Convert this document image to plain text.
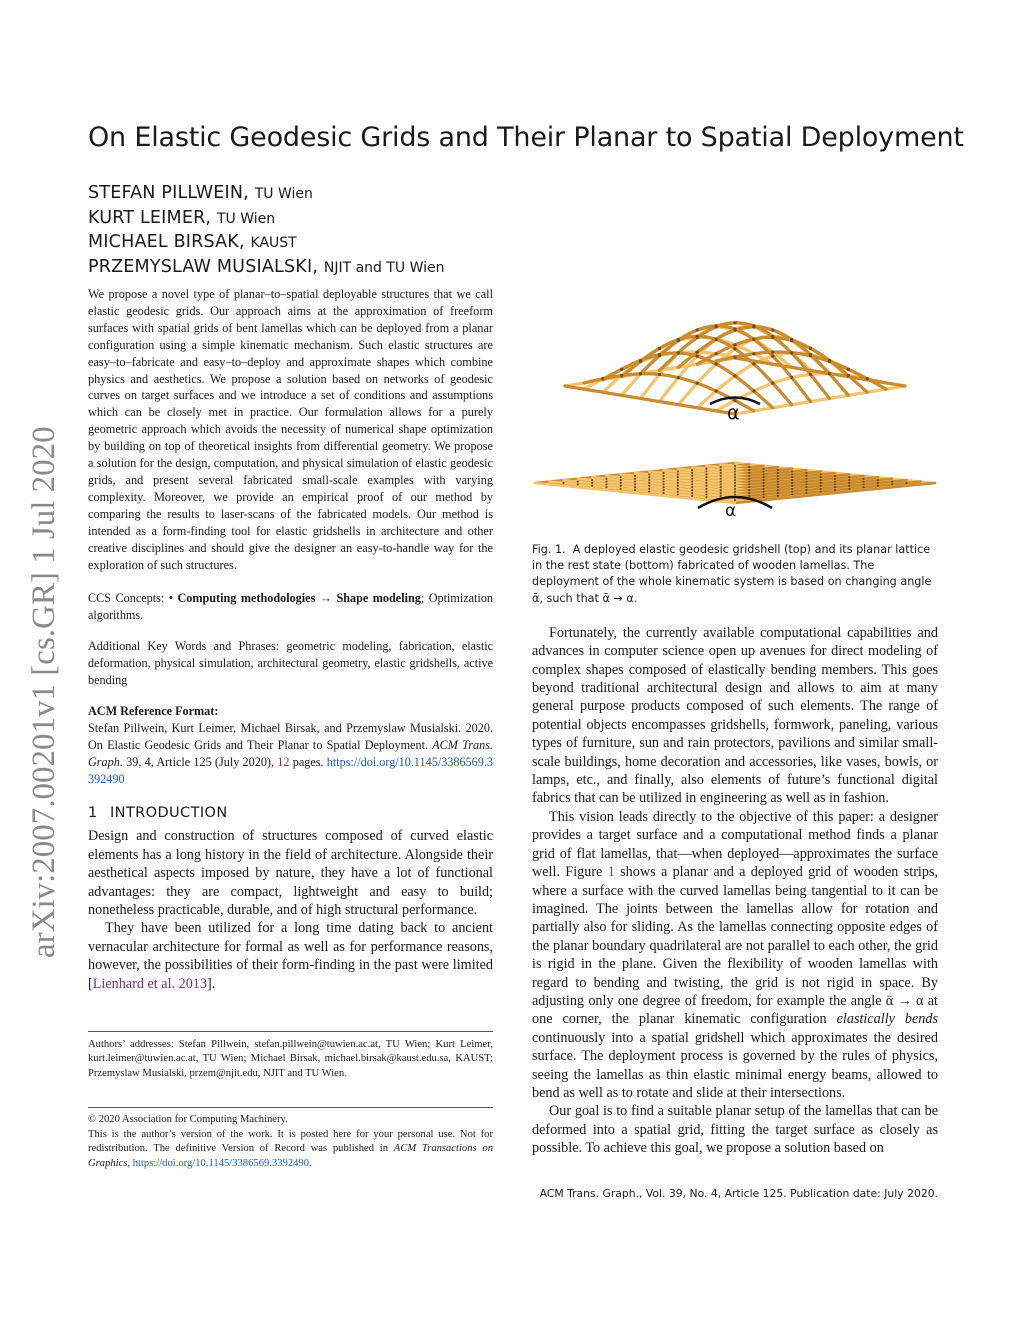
arXiv:2007.00201v1 [cs.GR] 1 Jul 2020
On Elastic Geodesic Grids and Their Planar to Spatial Deployment
STEFAN PILLWEIN, TU Wien
KURT LEIMER, TU Wien
MICHAEL BIRSAK, KAUST
PRZEMYSLAW MUSIALSKI, NJIT and TU Wien

We propose a novel type of planar–to–spatial deployable structures that we call elastic geodesic grids. Our approach aims at the approximation of freeform surfaces with spatial grids of bent lamellas which can be deployed from a planar configuration using a simple kinematic mechanism. Such elastic structures are easy–to–fabricate and easy–to–deploy and approximate shapes which combine physics and aesthetics. We propose a solution based on networks of geodesic curves on target surfaces and we introduce a set of conditions and assumptions which can be closely met in practice. Our formulation allows for a purely geometric approach which avoids the necessity of numerical shape optimization by building on top of theoretical insights from differential geometry. We propose a solution for the design, computation, and physical simulation of elastic geodesic grids, and present several fabricated small-scale examples with varying complexity. Moreover, we provide an empirical proof of our method by comparing the results to laser-scans of the fabricated models. Our method is intended as a form-finding tool for elastic gridshells in architecture and other creative disciplines and should give the designer an easy-to-handle way for the exploration of such structures.

CCS Concepts: • Computing methodologies → Shape modeling; Optimization algorithms.

Additional Key Words and Phrases: geometric modeling, fabrication, elastic deformation, physical simulation, architectural geometry, elastic gridshells, active bending

ACM Reference Format:
Stefan Pillwein, Kurt Leimer, Michael Birsak, and Przemyslaw Musialski. 2020. On Elastic Geodesic Grids and Their Planar to Spatial Deployment. ACM Trans. Graph. 39, 4, Article 125 (July 2020), 12 pages. https://doi.org/10.1145/3386569.3392490

1 INTRODUCTION

Design and construction of structures composed of curved elastic elements has a long history in the field of architecture. Alongside their aesthetical aspects imposed by nature, they have a lot of functional advantages: they are compact, lightweight and easy to build; nonetheless practicable, durable, and of high structural performance.

They have been utilized for a long time dating back to ancient vernacular architecture for formal as well as for performance reasons, however, the possibilities of their form-finding in the past were limited [Lienhard et al. 2013].

Authors’ addresses: Stefan Pillwein, stefan.pillwein@tuwien.ac.at, TU Wien; Kurt Leimer, kurt.leimer@tuwien.ac.at, TU Wien; Michael Birsak, michael.birsak@kaust.edu.sa, KAUST; Przemyslaw Musialski, przem@njit.edu, NJIT and TU Wien.

© 2020 Association for Computing Machinery.
This is the author’s version of the work. It is posted here for your personal use. Not for redistribution. The definitive Version of Record was published in ACM Transactions on Graphics, https://doi.org/10.1145/3386569.3392490.

α
α

Fig. 1. A deployed elastic geodesic gridshell (top) and its planar lattice in the rest state (bottom) fabricated of wooden lamellas. The deployment of the whole kinematic system is based on changing angle ᾱ, such that ᾱ → α.

Fortunately, the currently available computational capabilities and advances in computer science open up avenues for direct modeling of complex shapes composed of elastically bending members. This goes beyond traditional architectural design and allows to aim at many general purpose products composed of such elements. The range of potential objects encompasses gridshells, formwork, paneling, various types of furniture, sun and rain protectors, pavilions and similar small-scale buildings, home decoration and accessories, like vases, bowls, or lamps, etc., and finally, also elements of future’s functional digital fabrics that can be utilized in engineering as well as in fashion.

This vision leads directly to the objective of this paper: a designer provides a target surface and a computational method finds a planar grid of flat lamellas, that—when deployed—approximates the surface well. Figure 1 shows a planar and a deployed grid of wooden strips, where a surface with the curved lamellas being tangential to it can be imagined. The joints between the lamellas allow for rotation and partially also for sliding. As the lamellas connecting opposite edges of the planar boundary quadrilateral are not parallel to each other, the grid is rigid in the plane. Given the flexibility of wooden lamellas with regard to bending and twisting, the grid is not rigid in space. By adjusting only one degree of freedom, for example the angle ᾱ → α at one corner, the planar kinematic configuration elastically bends continuously into a spatial gridshell which approximates the desired surface. The deployment process is governed by the rules of physics, seeing the lamellas as thin elastic minimal energy beams, allowed to bend as well as to rotate and slide at their intersections.

Our goal is to find a suitable planar setup of the lamellas that can be deformed into a spatial grid, fitting the target surface as closely as possible. To achieve this goal, we propose a solution based on

ACM Trans. Graph., Vol. 39, No. 4, Article 125. Publication date: July 2020.
